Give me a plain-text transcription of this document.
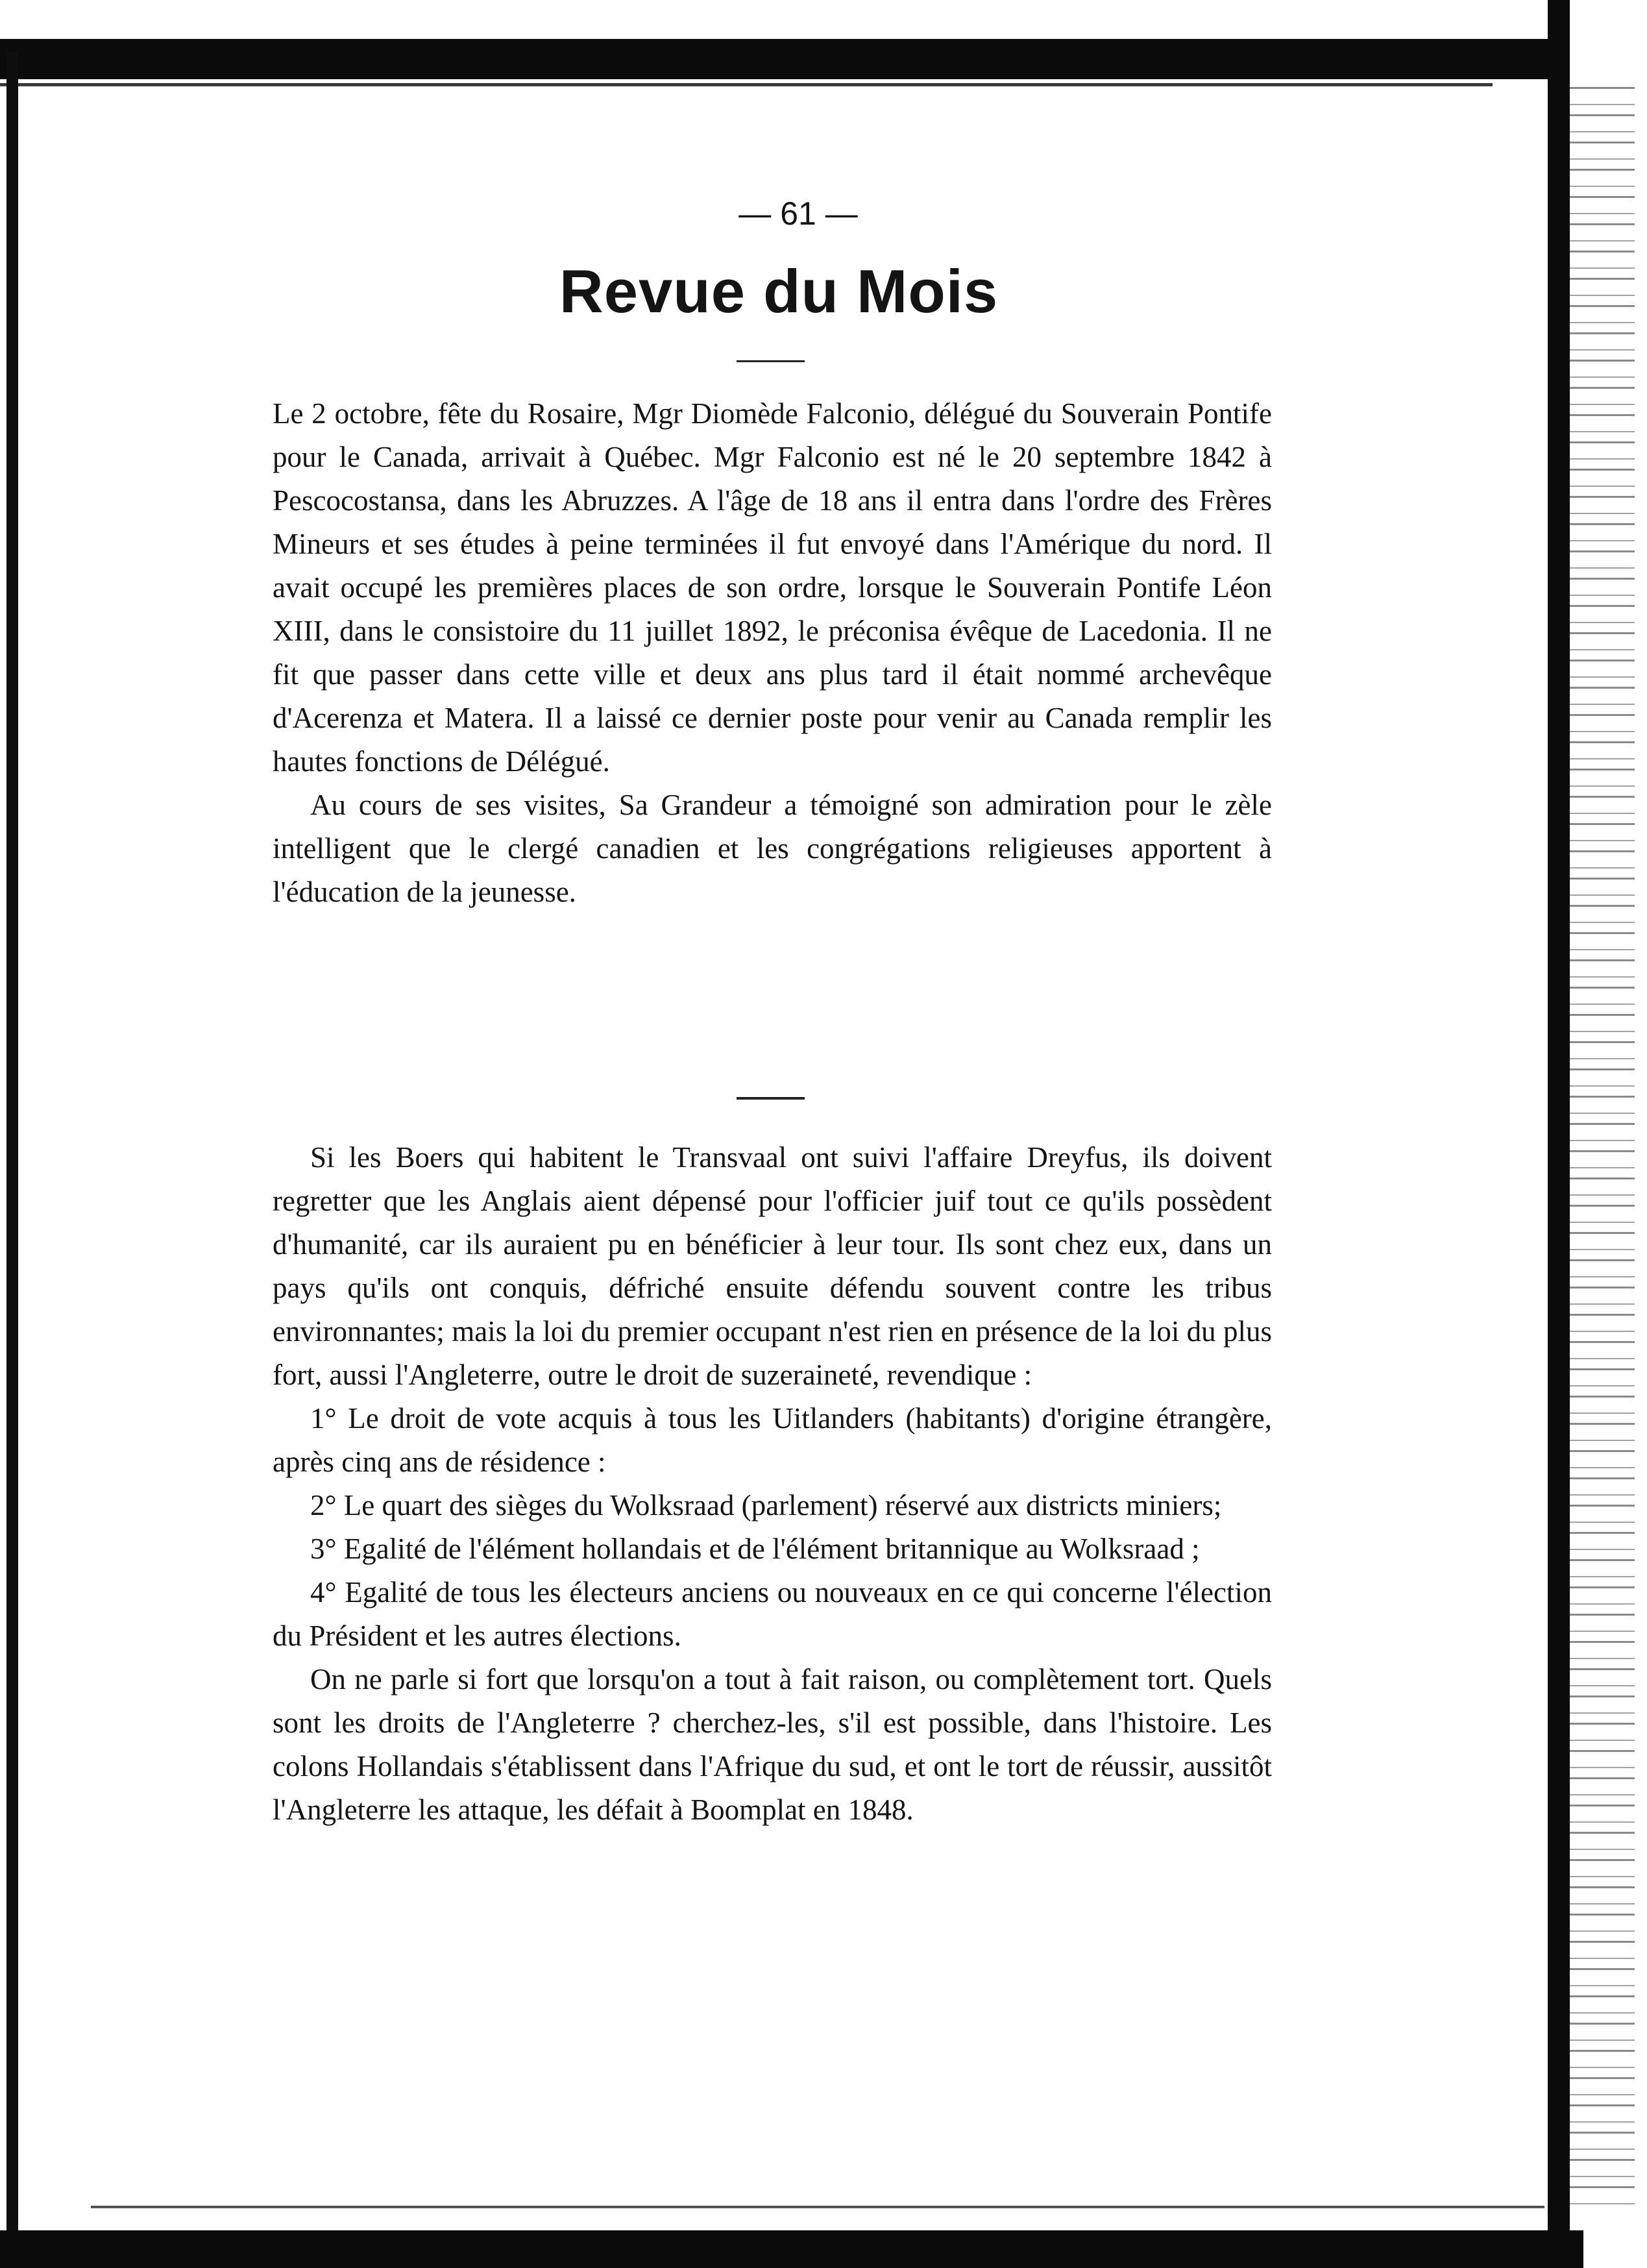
— 61 —
Revue du Mois

Le 2 octobre, fête du Rosaire, Mgr Diomède Falconio, délégué du Souverain Pontife pour le Canada, arrivait à Québec. Mgr Falconio est né le 20 septembre 1842 à Pescocostansa, dans les Abruzzes. A l'âge de 18 ans il entra dans l'ordre des Frères Mineurs et ses études à peine terminées il fut envoyé dans l'Amérique du nord. Il avait occupé les premières places de son ordre, lorsque le Souverain Pontife Léon XIII, dans le consistoire du 11 juillet 1892, le préconisa évêque de Lacedonia. Il ne fit que passer dans cette ville et deux ans plus tard il était nommé archevêque d'Acerenza et Matera. Il a laissé ce dernier poste pour venir au Canada remplir les hautes fonctions de Délégué.

Au cours de ses visites, Sa Grandeur a témoigné son admiration pour le zèle intelligent que le clergé canadien et les congrégations religieuses apportent à l'éducation de la jeunesse.

Si les Boers qui habitent le Transvaal ont suivi l'affaire Dreyfus, ils doivent regretter que les Anglais aient dépensé pour l'officier juif tout ce qu'ils possèdent d'humanité, car ils auraient pu en bénéficier à leur tour. Ils sont chez eux, dans un pays qu'ils ont conquis, défriché ensuite défendu souvent contre les tribus environnantes; mais la loi du premier occupant n'est rien en présence de la loi du plus fort, aussi l'Angleterre, outre le droit de suzeraineté, revendique :

1° Le droit de vote acquis à tous les Uitlanders (habitants) d'origine étrangère, après cinq ans de résidence :

2° Le quart des sièges du Wolksraad (parlement) réservé aux districts miniers;

3° Egalité de l'élément hollandais et de l'élément britannique au Wolksraad ;

4° Egalité de tous les électeurs anciens ou nouveaux en ce qui concerne l'élection du Président et les autres élections.

On ne parle si fort que lorsqu'on a tout à fait raison, ou complètement tort. Quels sont les droits de l'Angleterre ? cherchez-les, s'il est possible, dans l'histoire. Les colons Hollandais s'établissent dans l'Afrique du sud, et ont le tort de réussir, aussitôt l'Angleterre les attaque, les défait à Boomplat en 1848.
